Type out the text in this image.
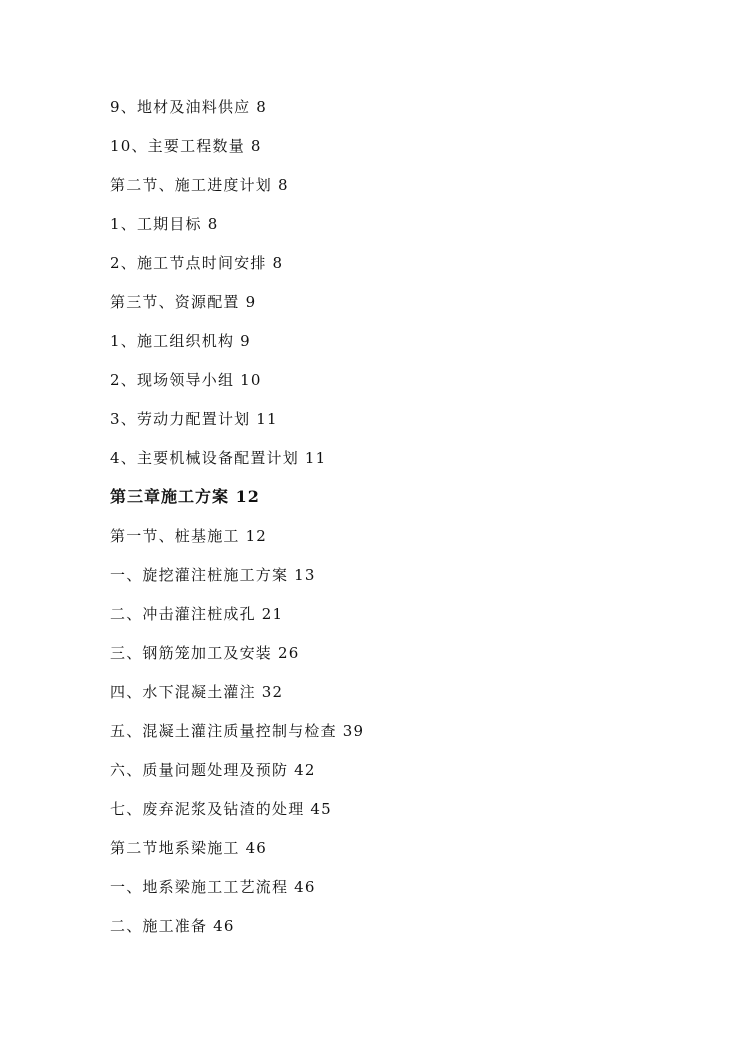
9、地材及油料供应 8
10、主要工程数量 8
第二节、施工进度计划 8
1、工期目标 8
2、施工节点时间安排 8
第三节、资源配置 9
1、施工组织机构 9
2、现场领导小组 10
3、劳动力配置计划 11
4、主要机械设备配置计划 11
第三章施工方案 12
第一节、桩基施工 12
一、旋挖灌注桩施工方案 13
二、冲击灌注桩成孔 21
三、钢筋笼加工及安装 26
四、水下混凝土灌注 32
五、混凝土灌注质量控制与检查 39
六、质量问题处理及预防 42
七、废弃泥浆及钻渣的处理 45
第二节地系梁施工 46
一、地系梁施工工艺流程 46
二、施工准备 46
